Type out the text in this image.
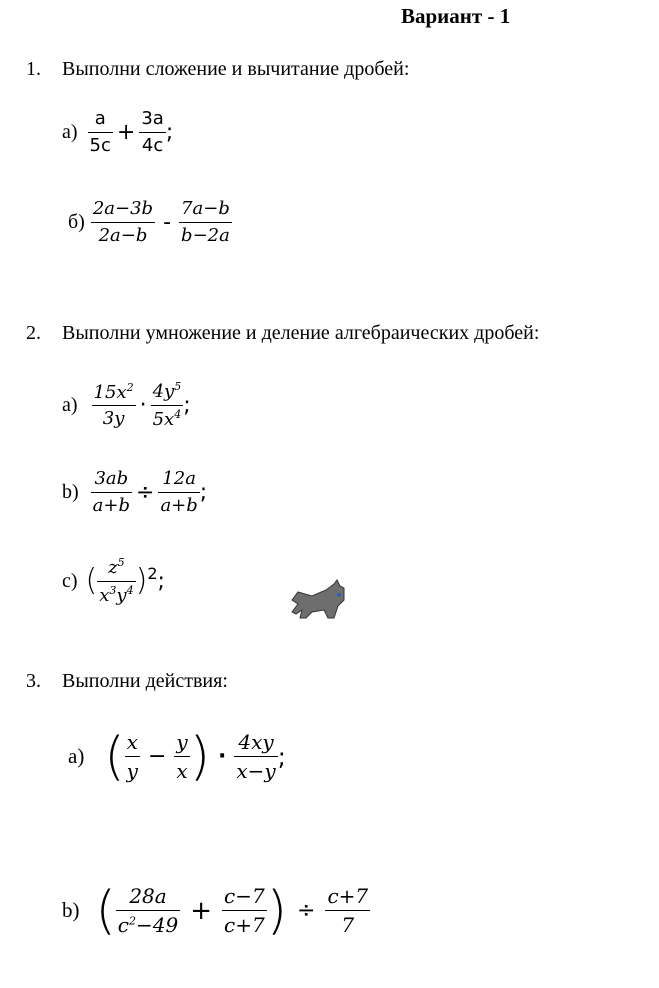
Вариант - 1
1. Выполни сложение и вычитание дробей:
$а) \frac{a}{5c} + \frac{3a}{4c}$ ;
$б) \frac{2a-3b}{2a-b} - \frac{7a-b}{b-2a}$
2. Выполни умножение и деление алгебраических дробей:
$а) \frac{15x^2}{3y} \cdot \frac{4y^5}{5x^4}$ ;
$b) \frac{3ab}{a+b} \div \frac{12a}{a+b}$ ;
c) ( $\frac{z^5}{x^3y^4}$ ) 2 ;
3. Выполни действия:
a) ( $\frac{x}{y} - \frac{y}{x}$ ) · $\frac{4xy}{x-y}$ ;
b) ( $\frac{28a}{c^2-49} + \frac{c-7}{c+7}$ ) ÷ $\frac{c+7}{7}$
